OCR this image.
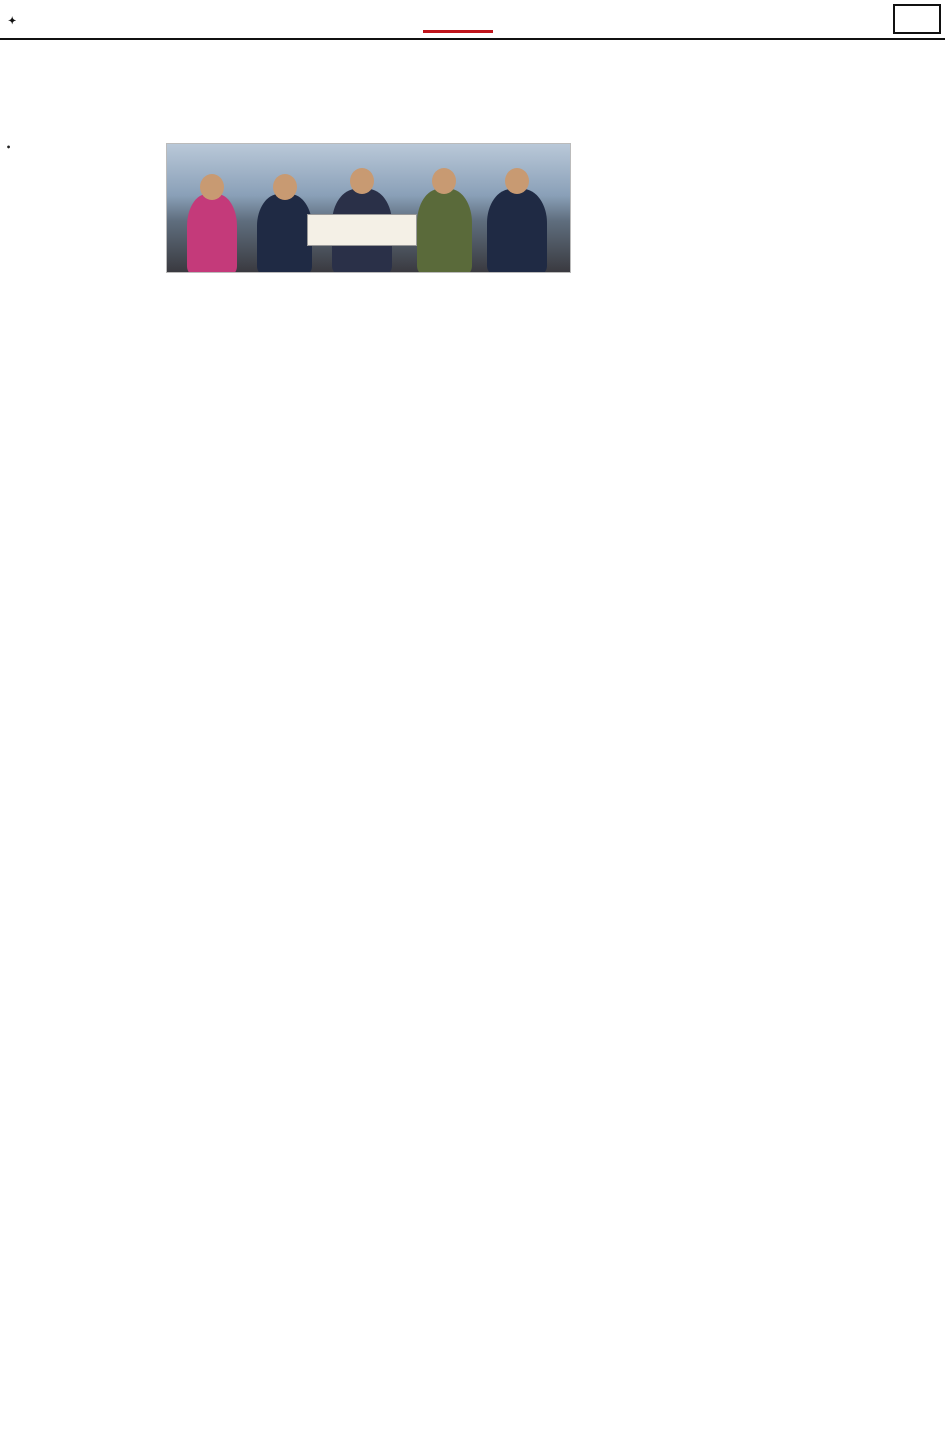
✦
•
